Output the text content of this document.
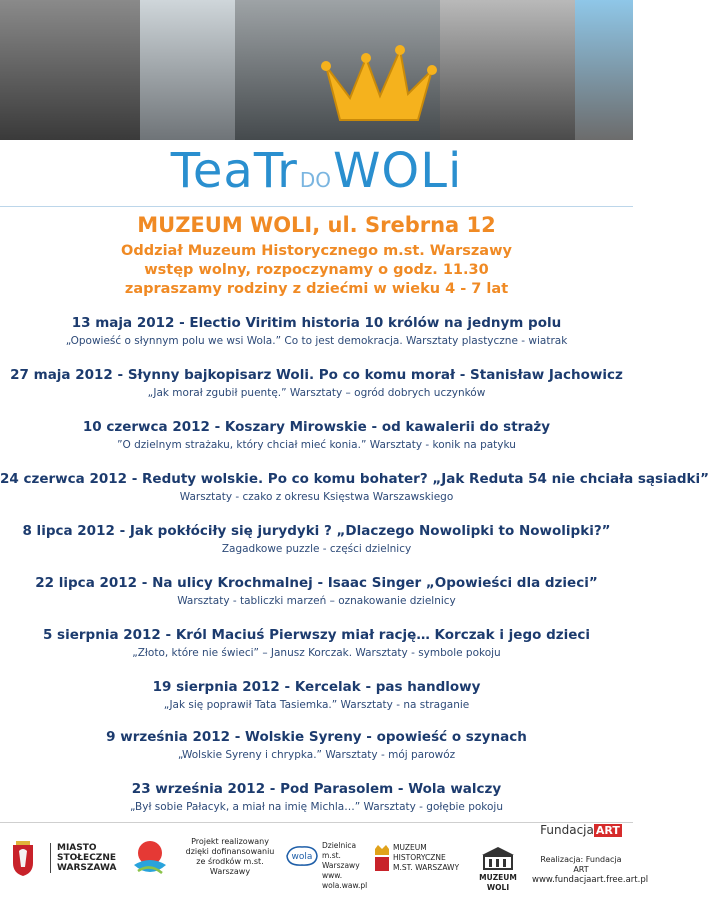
TeaTr DOWOLi
MUZEUM WOLI, ul. Srebrna 12
Oddział Muzeum Historycznego m.st. Warszawy
wstęp wolny, rozpoczynamy o godz. 11.30
zapraszamy rodziny z dziećmi w wieku 4 - 7 lat
13 maja 2012 - Electio Viritim historia 10 królów na jednym polu
„Opowieść o słynnym polu we wsi Wola.” Co to jest demokracja. Warsztaty plastyczne - wiatrak
27 maja 2012 - Słynny bajkopisarz Woli. Po co komu morał - Stanisław Jachowicz
„Jak morał zgubił puentę.” Warsztaty – ogród dobrych uczynków
10 czerwca 2012 - Koszary Mirowskie - od kawalerii do straży
”O dzielnym strażaku, który chciał mieć konia.” Warsztaty - konik na patyku
24 czerwca 2012 - Reduty wolskie. Po co komu bohater? „Jak Reduta 54 nie chciała sąsiadki”
Warsztaty - czako z okresu Księstwa Warszawskiego
8 lipca 2012 - Jak pokłóciły się jurydyki ? „Dlaczego Nowolipki to Nowolipki?”
Zagadkowe puzzle - części dzielnicy
22 lipca 2012 - Na ulicy Krochmalnej - Isaac Singer „Opowieści dla dzieci”
Warsztaty - tabliczki marzeń – oznakowanie dzielnicy
5 sierpnia 2012 - Król Maciuś Pierwszy miał rację… Korczak i jego dzieci
„Złoto, które nie świeci” – Janusz Korczak. Warsztaty - symbole pokoju
19 sierpnia 2012 - Kercelak - pas handlowy
„Jak się poprawił Tata Tasiemka.” Warsztaty - na straganie
9 września 2012 - Wolskie Syreny - opowieść o szynach
„Wolskie Syreny i chrypka.” Warsztaty - mój parowóz
23 września 2012 - Pod Parasolem - Wola walczy
„Był sobie Pałacyk, a miał na imię Michla…” Warsztaty - gołębie pokoju
MIASTO
STOŁECZNE
WARSZAWA
Projekt realizowany
dzięki dofinansowaniu
ze środków m.st. Warszawy
wola
Dzielnica
m.st.
Warszawy
www.
wola.waw.pl
MUZEUM
HISTORYCZNE
M.ST. WARSZAWY
MUZEUM WOLI
Fundacja ART
Realizacja: Fundacja ART
www.fundacjaart.free.art.pl
